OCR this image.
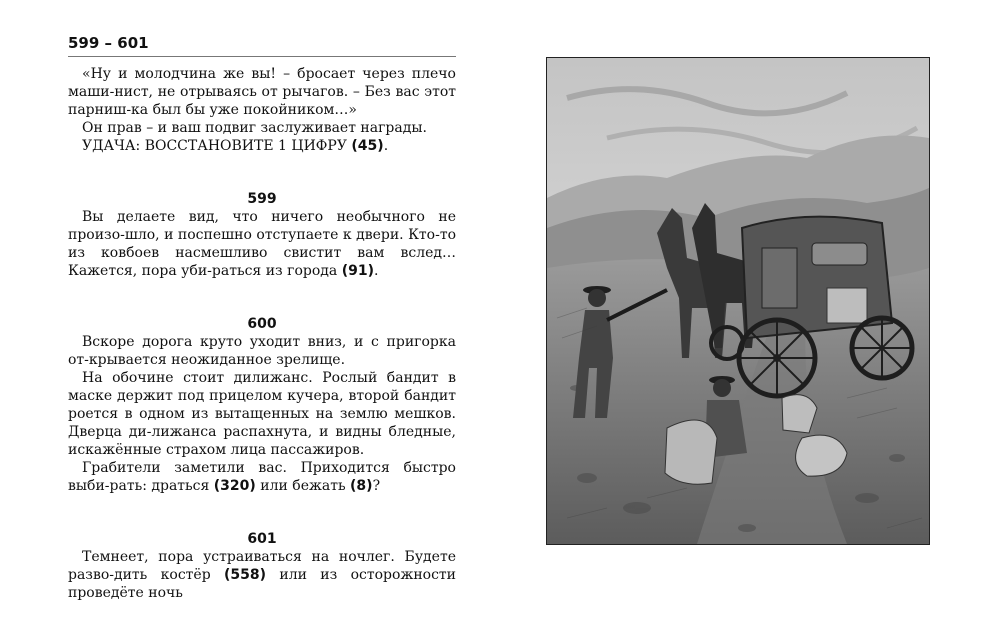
599 – 601

«Ну и молодчина же вы! – бросает через плечо маши-нист, не отрываясь от рычагов. – Без вас этот парниш-ка был бы уже покойником…»

Он прав – и ваш подвиг заслуживает награды.

УДАЧА: ВОССТАНОВИТЕ 1 ЦИФРУ (45).

599

Вы делаете вид, что ничего необычного не произо-шло, и поспешно отступаете к двери. Кто-то из ковбоев насмешливо свистит вам вслед… Кажется, пора уби-раться из города (91).

600

Вскоре дорога круто уходит вниз, и с пригорка от-крывается неожиданное зрелище.

На обочине стоит дилижанс. Рослый бандит в маске держит под прицелом кучера, второй бандит роется в одном из вытащенных на землю мешков. Дверца ди-лижанса распахнута, и видны бледные, искажённые страхом лица пассажиров.

Грабители заметили вас. Приходится быстро выби-рать: драться (320) или бежать (8)?

601

Темнеет, пора устраиваться на ночлег. Будете разво-дить костёр (558) или из осторожности проведёте ночь
